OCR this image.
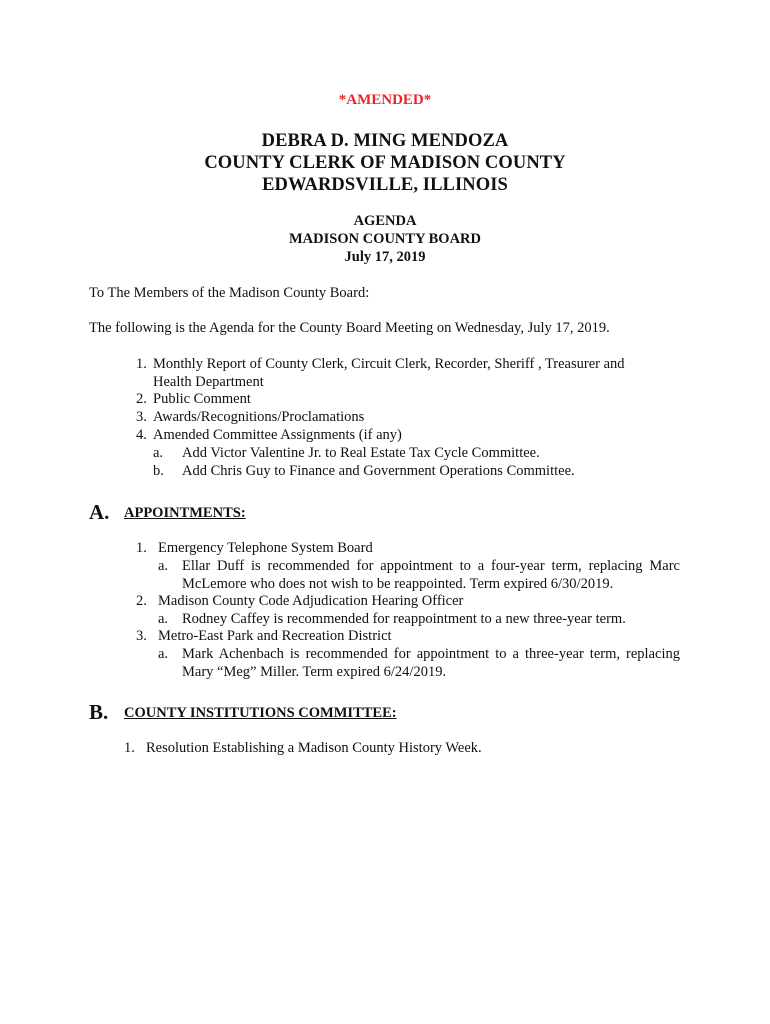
*AMENDED*
DEBRA D. MING MENDOZA
COUNTY CLERK OF MADISON COUNTY
EDWARDSVILLE, ILLINOIS
AGENDA
MADISON COUNTY BOARD
July 17, 2019
To The Members of the Madison County Board:
The following is the Agenda for the County Board Meeting on Wednesday, July 17, 2019.
1. Monthly Report of County Clerk, Circuit Clerk, Recorder, Sheriff , Treasurer and
Health Department
2. Public Comment
3. Awards/Recognitions/Proclamations
4. Amended Committee Assignments (if any)
a. Add Victor Valentine Jr. to Real Estate Tax Cycle Committee.
b. Add Chris Guy to Finance and Government Operations Committee.
A. APPOINTMENTS:
1. Emergency Telephone System Board
a. Ellar Duff is recommended for appointment to a four-year term, replacing Marc
McLemore who does not wish to be reappointed. Term expired 6/30/2019.
2. Madison County Code Adjudication Hearing Officer
a. Rodney Caffey is recommended for reappointment to a new three-year term.
3. Metro-East Park and Recreation District
a. Mark Achenbach is recommended for appointment to a three-year term, replacing
Mary “Meg” Miller. Term expired 6/24/2019.
B. COUNTY INSTITUTIONS COMMITTEE:
1. Resolution Establishing a Madison County History Week.
